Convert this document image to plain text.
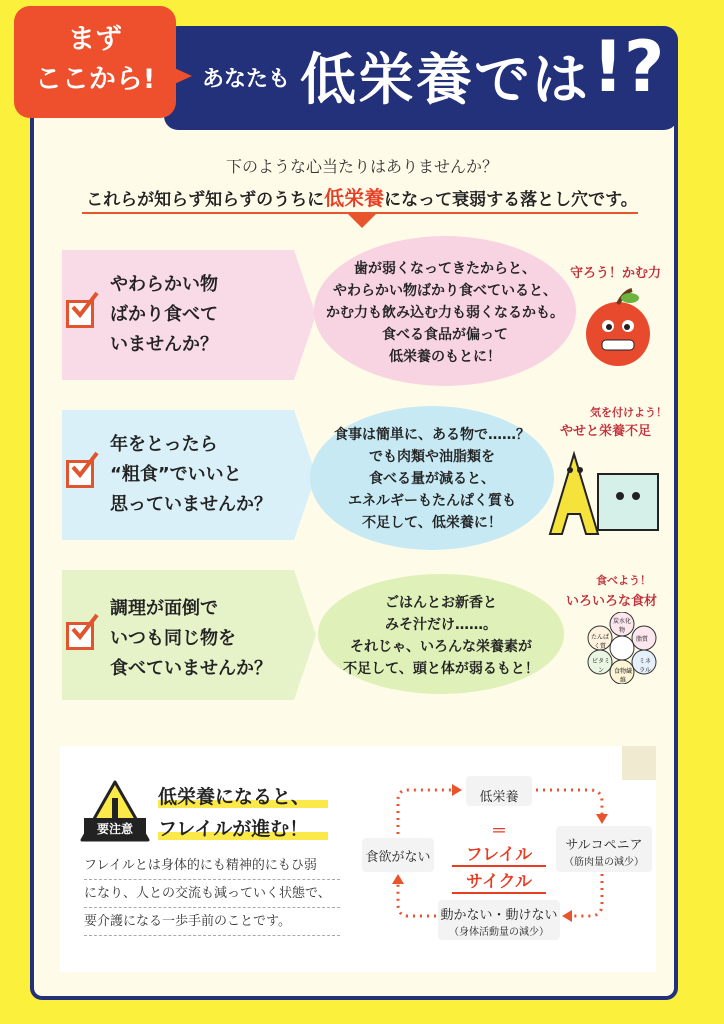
まず
ここから!	あなたも 低栄養では !?
下のような心当たりはありませんか？
これらが知らず知らずのうちに低栄養になって衰弱する落とし穴です。
やわらかい物
ばかり食べて
いませんか？
歯が弱くなってきたからと、
やわらかい物ばかり食べていると、
かむ力も飲み込む力も弱くなるかも。
食べる食品が偏って
低栄養のもとに！
守ろう！かむ力
年をとったら
“粗食”でいいと
思っていませんか？
食事は簡単に、ある物で……？
でも肉類や油脂類を
食べる量が減ると、
エネルギーもたんぱく質も
不足して、低栄養に！
気を付けよう！
やせと栄養不足
調理が面倒で
いつも同じ物を
食べていませんか？
ごはんとお新香と
みそ汁だけ……。
それじゃ、いろんな栄養素が
不足して、頭と体が弱るもと！
食べよう！
いろいろな食材
炭水化物
脂質
たんぱく質
ビタミン	食物繊維
ミネラル
要注意
低栄養になると、
フレイルが進む！
フレイルとは身体的にも精神的にもひ弱
になり、人との交流も減っていく状態で、
要介護になる一歩手前のことです。
低栄養
サルコペニア
（筋肉量の減少）
動かない・動けない
（身体活動量の減少）
食欲がない
＝
フレイル
サイクル
